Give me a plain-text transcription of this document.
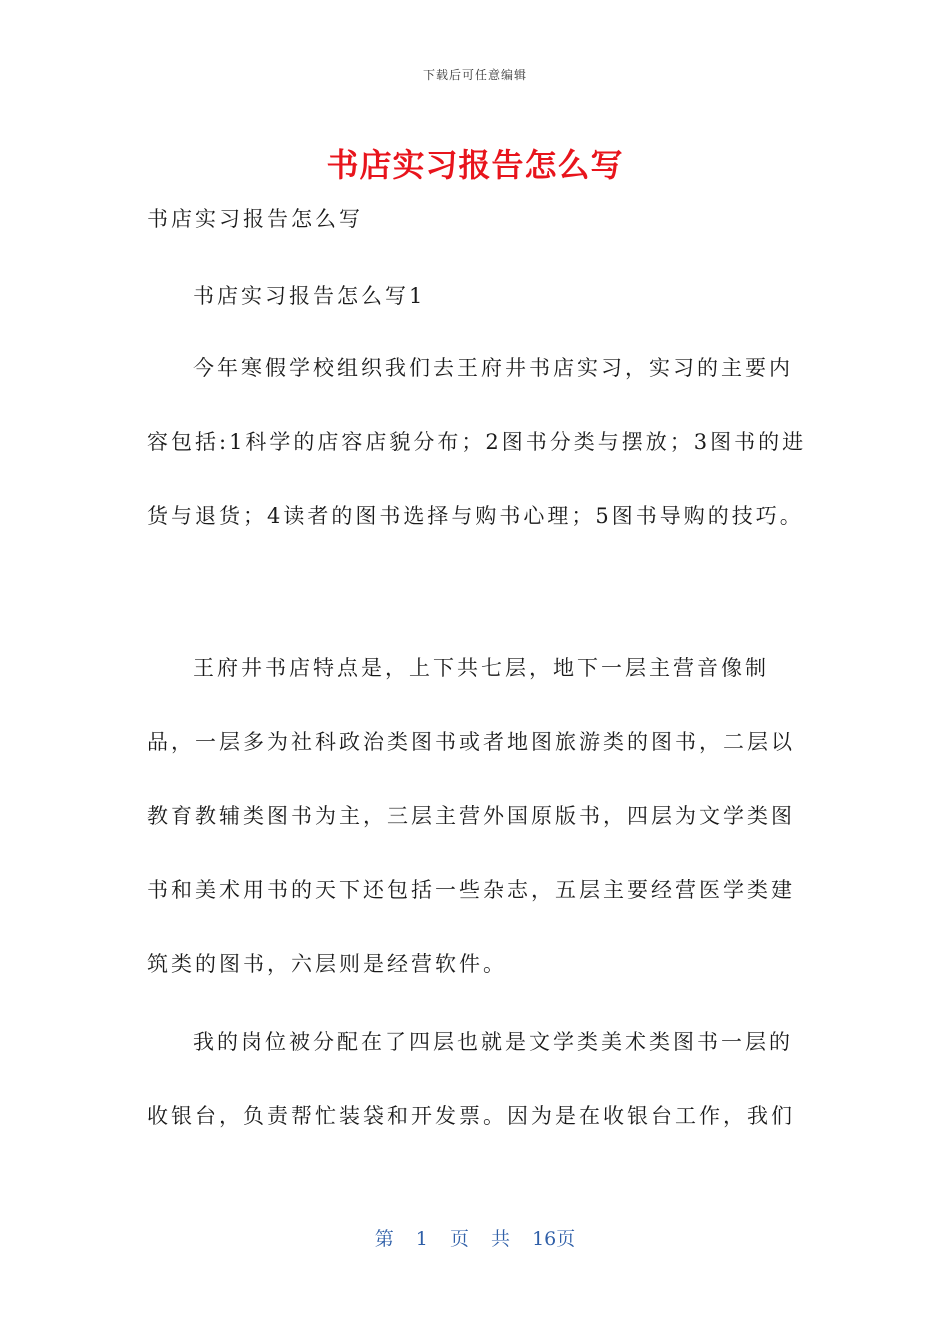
下载后可任意编辑
书店实习报告怎么写
书店实习报告怎么写
书店实习报告怎么写1

今年寒假学校组织我们去王府井书店实习，实习的主要内容包括:1科学的店容店貌分布；2图书分类与摆放；3图书的进货与退货；4读者的图书选择与购书心理；5图书导购的技巧。

王府井书店特点是，上下共七层，地下一层主营音像制品，一层多为社科政治类图书或者地图旅游类的图书，二层以教育教辅类图书为主，三层主营外国原版书，四层为文学类图书和美术用书的天下还包括一些杂志，五层主要经营医学类建筑类的图书，六层则是经营软件。

我的岗位被分配在了四层也就是文学类美术类图书一层的收银台，负责帮忙装袋和开发票。因为是在收银台工作，我们

第 1 页 共 16页
